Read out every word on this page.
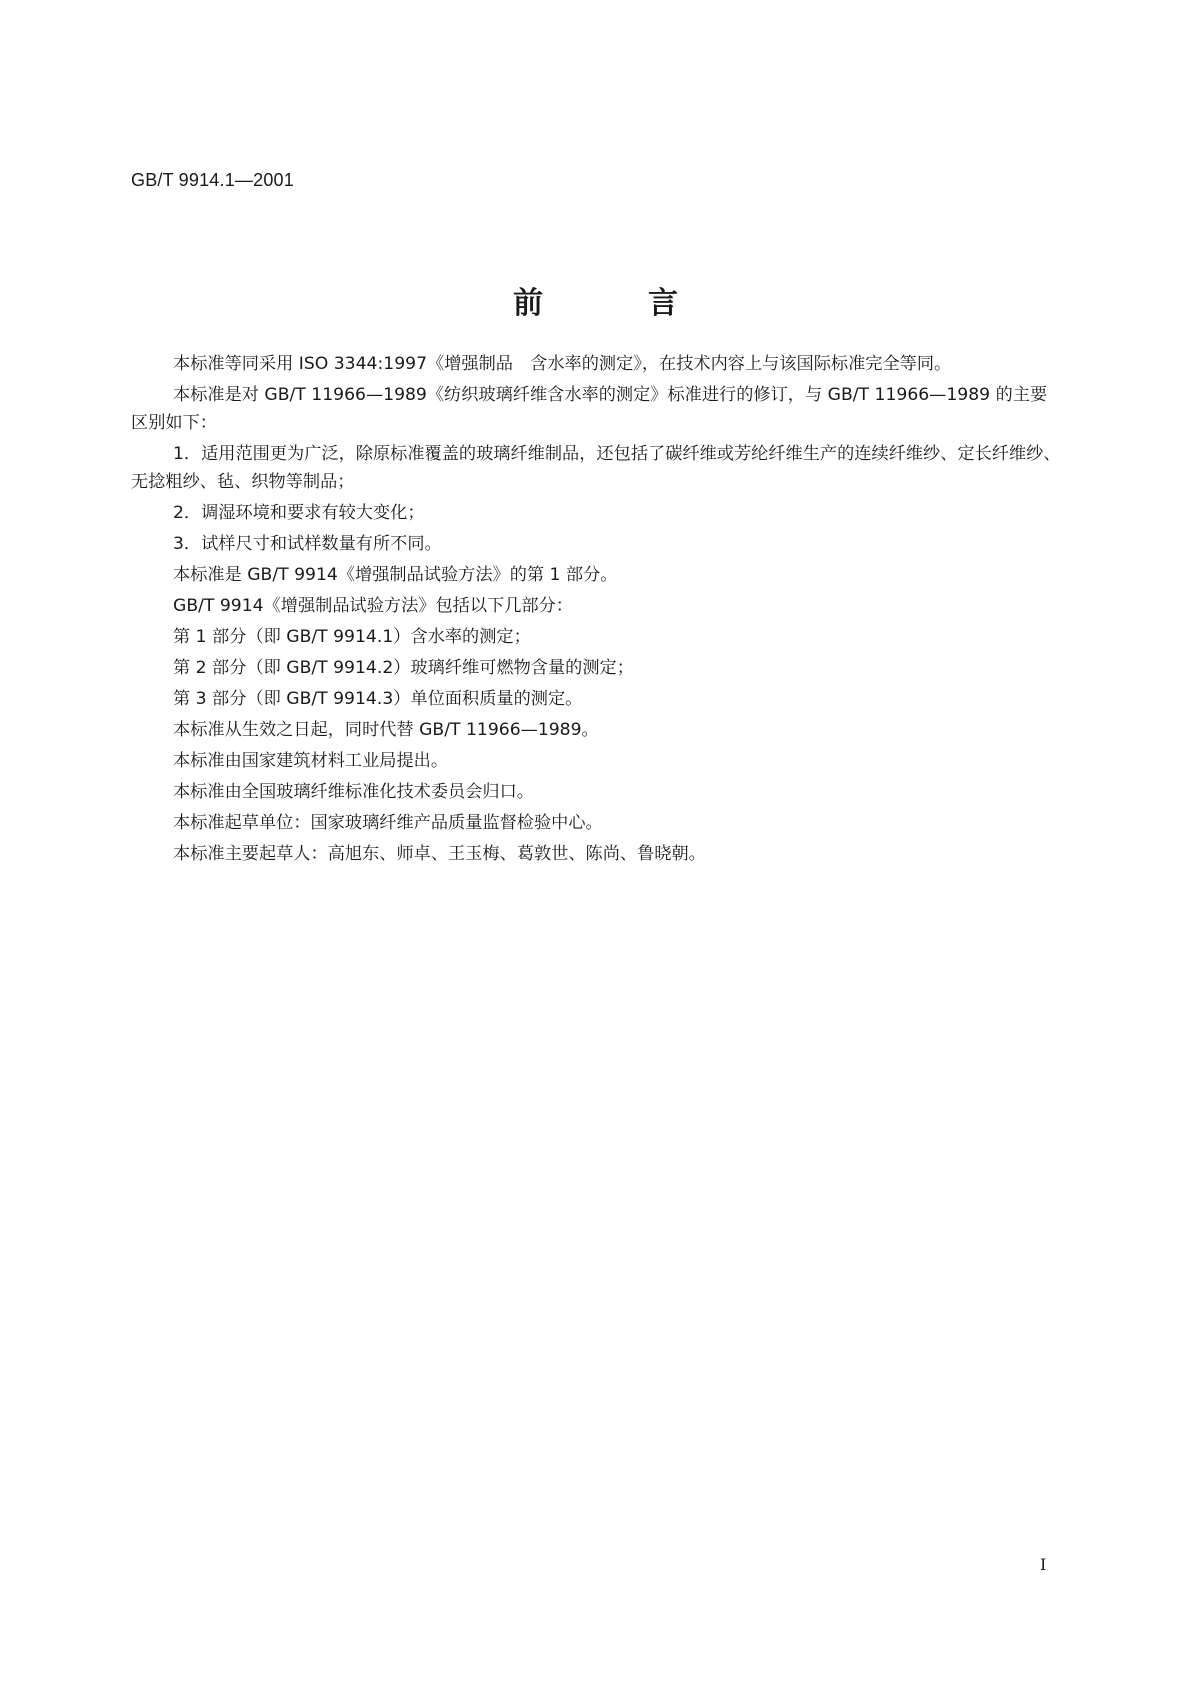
GB/T 9914.1—2001
前	言

本标准等同采用 ISO 3344:1997《增强制品　含水率的测定》，在技术内容上与该国际标准完全等同。

本标准是对 GB/T 11966—1989《纺织玻璃纤维含水率的测定》标准进行的修订，与 GB/T 11966—1989 的主要区别如下：

1．适用范围更为广泛，除原标准覆盖的玻璃纤维制品，还包括了碳纤维或芳纶纤维生产的连续纤维纱、定长纤维纱、无捻粗纱、毡、织物等制品；

2．调湿环境和要求有较大变化；

3．试样尺寸和试样数量有所不同。

本标准是 GB/T 9914《增强制品试验方法》的第 1 部分。

GB/T 9914《增强制品试验方法》包括以下几部分：

第 1 部分（即 GB/T 9914.1）含水率的测定；

第 2 部分（即 GB/T 9914.2）玻璃纤维可燃物含量的测定；

第 3 部分（即 GB/T 9914.3）单位面积质量的测定。

本标准从生效之日起，同时代替 GB/T 11966—1989。

本标准由国家建筑材料工业局提出。

本标准由全国玻璃纤维标准化技术委员会归口。

本标准起草单位：国家玻璃纤维产品质量监督检验中心。

本标准主要起草人：高旭东、师卓、王玉梅、葛敦世、陈尚、鲁晓朝。

I
